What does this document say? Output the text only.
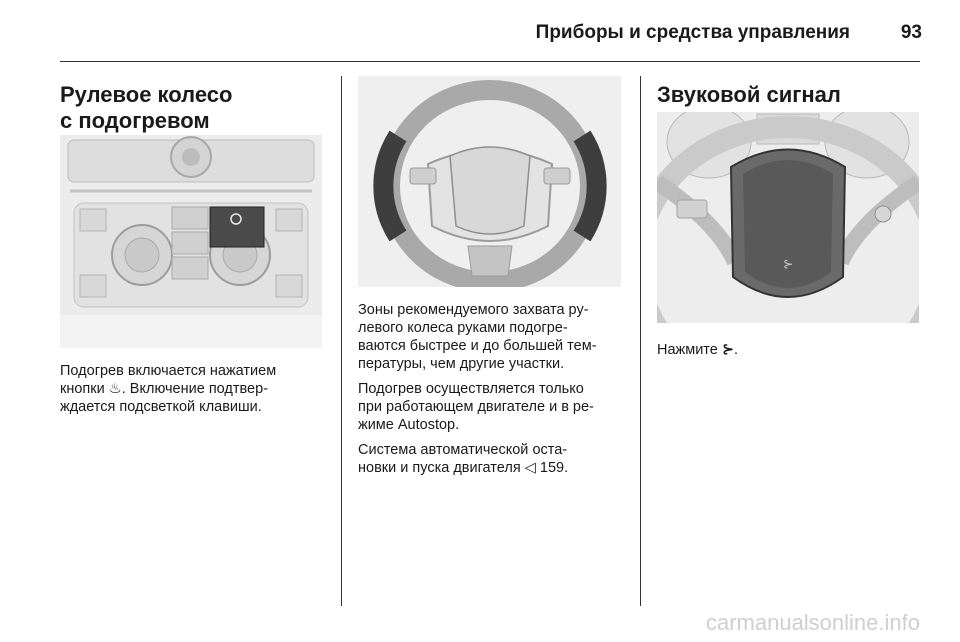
Приборы и средства управления	93
Рулевое колесо
с подогревом

Подогрев включается нажатием
кнопки ♨. Включение подтвер-
ждается подсветкой клавиши.

Зоны рекомендуемого захвата ру-
левого колеса руками подогре-
ваются быстрее и до большей тем-
пературы, чем другие участки.

Подогрев осуществляется только
при работающем двигателе и в ре-
жиме Autostop.

Система автоматической оста-
новки и пуска двигателя ◁ 159.

Звуковой сигнал
⊱

Нажмите ⊱.

carmanualsonline.info
